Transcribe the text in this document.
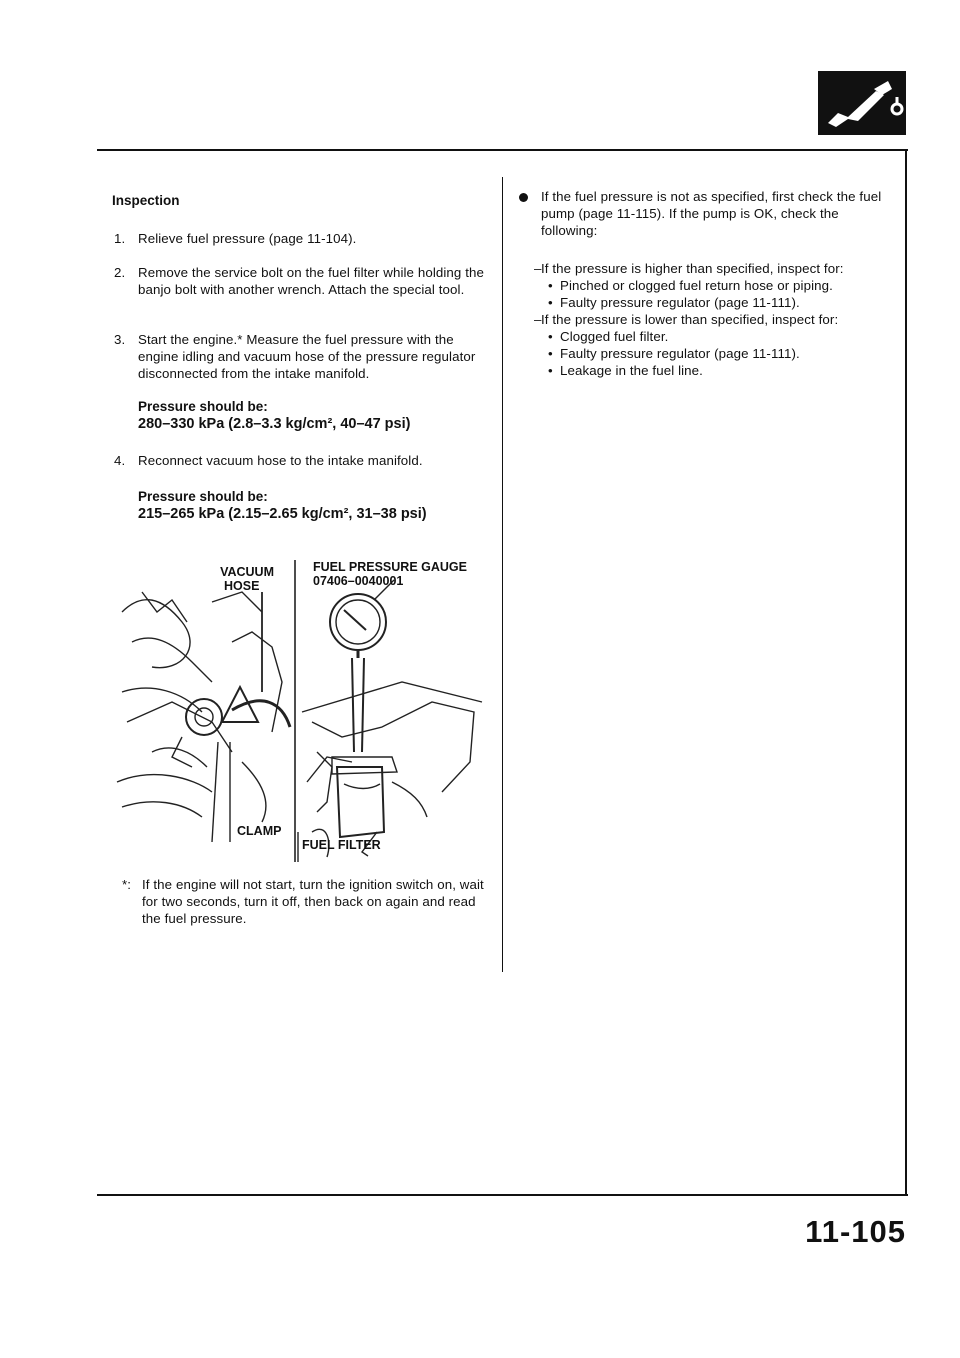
Inspection
1. Relieve fuel pressure (page 11-104).
2. Remove the service bolt on the fuel filter while holding the banjo bolt with another wrench. Attach the special tool.
3. Start the engine.* Measure the fuel pressure with the engine idling and vacuum hose of the pressure regulator disconnected from the intake manifold.
Pressure should be:
280–330 kPa (2.8–3.3 kg/cm², 40–47 psi)
4. Reconnect vacuum hose to the intake manifold.
Pressure should be:
215–265 kPa (2.15–2.65 kg/cm², 31–38 psi)
VACUUM
HOSE
FUEL PRESSURE GAUGE
07406–0040001
CLAMP
FUEL FILTER
*: If the engine will not start, turn the ignition switch on, wait for two seconds, turn it off, then back on again and read the fuel pressure.
If the fuel pressure is not as specified, first check the fuel pump (page 11-115). If the pump is OK, check the following:
– If the pressure is higher than specified, inspect for:
• Pinched or clogged fuel return hose or piping.
• Faulty pressure regulator (page 11-111).
– If the pressure is lower than specified, inspect for:
• Clogged fuel filter.
• Faulty pressure regulator (page 11-111).
• Leakage in the fuel line.
11-105
